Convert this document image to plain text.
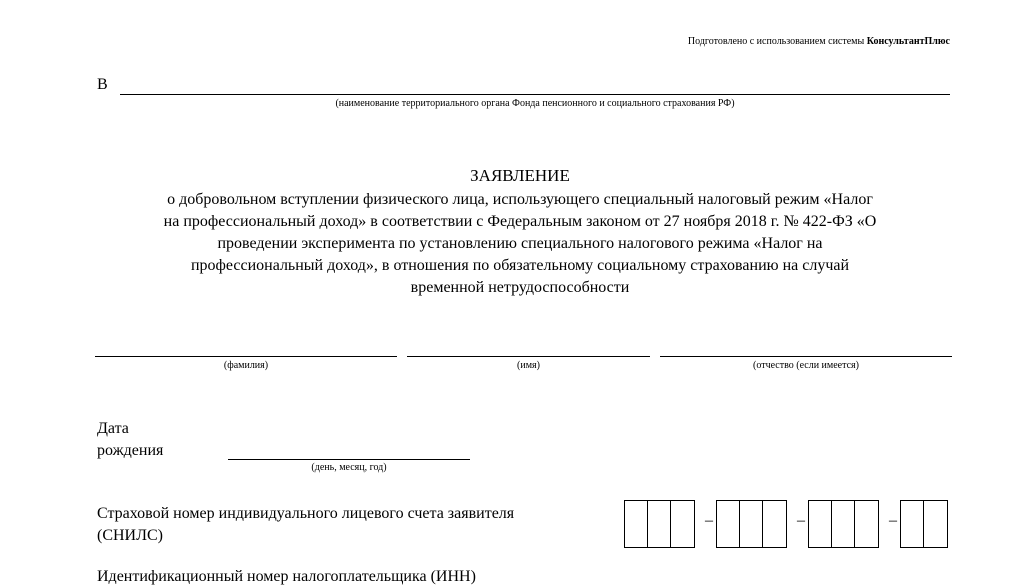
Подготовлено с использованием системы КонсультантПлюс
В
(наименование территориального органа Фонда пенсионного и социального страхования РФ)
ЗАЯВЛЕНИЕ
о добровольном вступлении физического лица, использующего специальный налоговый режим «Налог
на профессиональный доход» в соответствии с Федеральным законом от 27 ноября 2018 г. № 422-ФЗ «О
проведении эксперимента по установлению специального налогового режима «Налог на
профессиональный доход», в отношения по обязательному социальному страхованию на случай
временной нетрудоспособности
(фамилия)	(имя)	(отчество (если имеется)
Дата
рождения
(день, месяц, год)
Страховой номер индивидуального лицевого счета заявителя
(СНИЛС)
–	–	–
Идентификационный номер налогоплательщика (ИНН)
